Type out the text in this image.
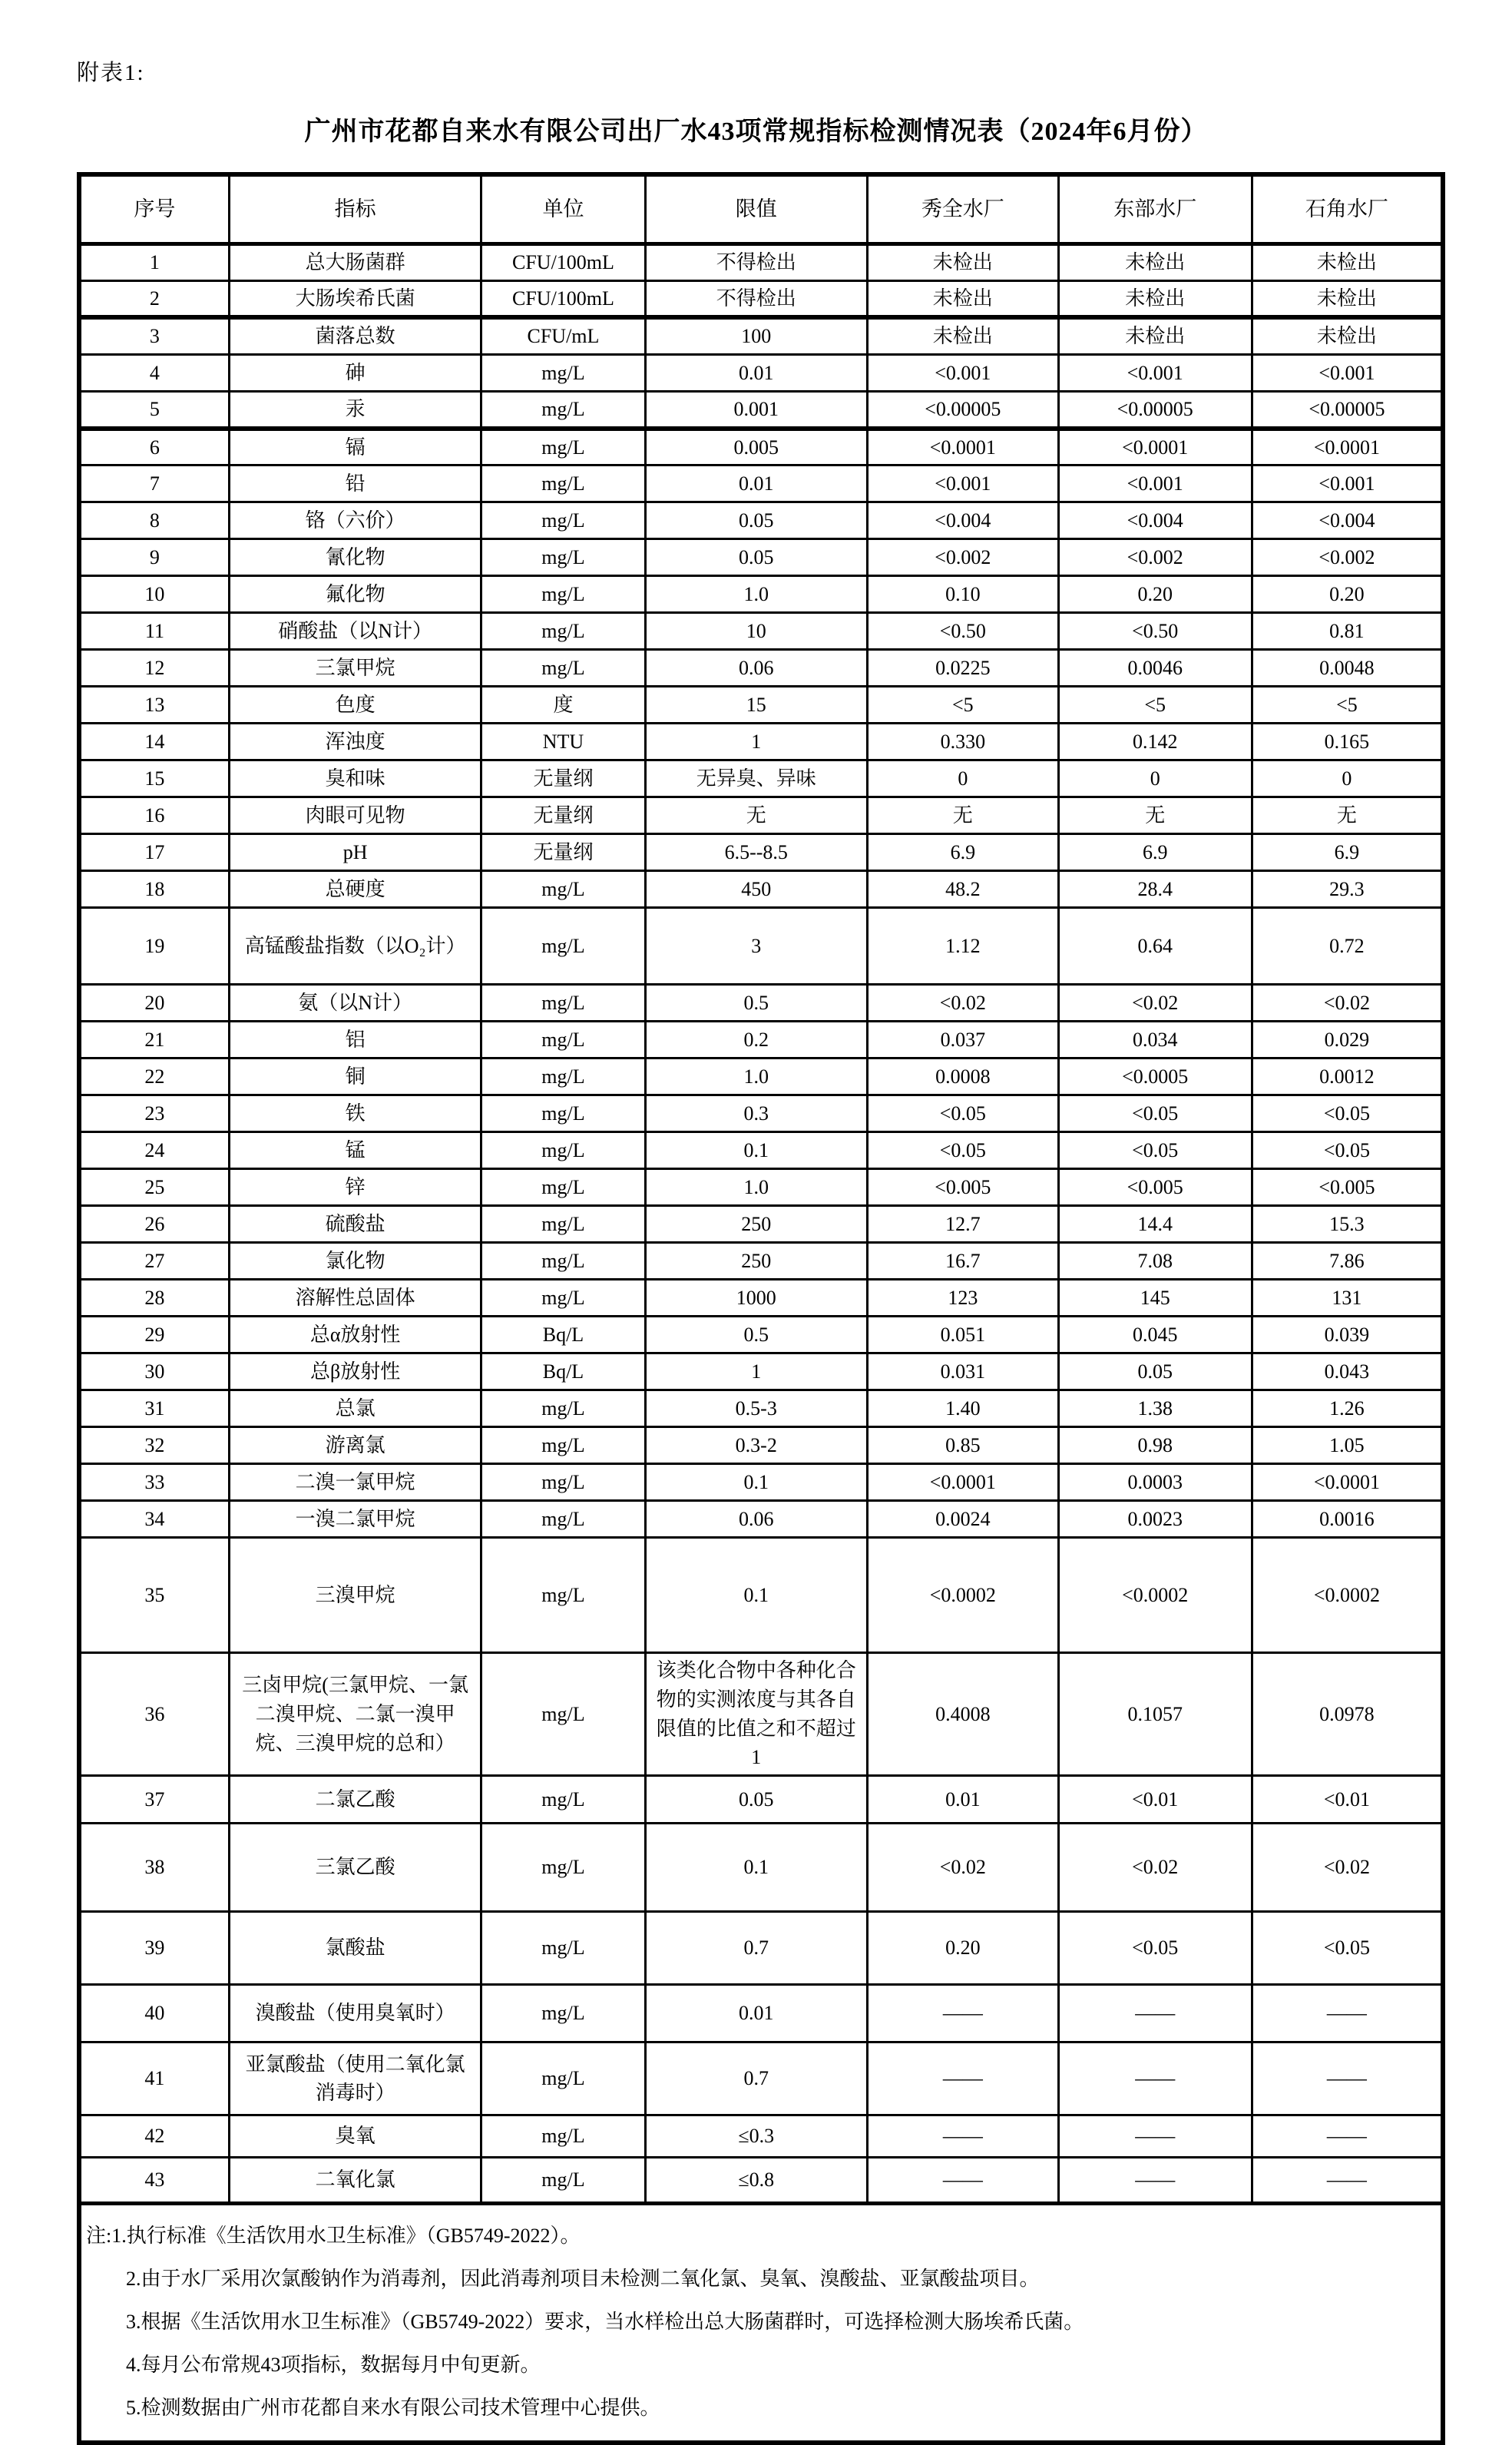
附表1:
广州市花都自来水有限公司出厂水43项常规指标检测情况表（2024年6月份）
序号	指标	单位	限值	秀全水厂	东部水厂	石角水厂
1	总大肠菌群	CFU/100mL	不得检出	未检出	未检出	未检出
2	大肠埃希氏菌	CFU/100mL	不得检出	未检出	未检出	未检出
3	菌落总数	CFU/mL	100	未检出	未检出	未检出
4	砷	mg/L	0.01	<0.001	<0.001	<0.001
5	汞	mg/L	0.001	<0.00005	<0.00005	<0.00005
6	镉	mg/L	0.005	<0.0001	<0.0001	<0.0001
7	铅	mg/L	0.01	<0.001	<0.001	<0.001
8	铬（六价）	mg/L	0.05	<0.004	<0.004	<0.004
9	氰化物	mg/L	0.05	<0.002	<0.002	<0.002
10	氟化物	mg/L	1.0	0.10	0.20	0.20
11	硝酸盐（以N计）	mg/L	10	<0.50	<0.50	0.81
12	三氯甲烷	mg/L	0.06	0.0225	0.0046	0.0048
13	色度	度	15	<5	<5	<5
14	浑浊度	NTU	1	0.330	0.142	0.165
15	臭和味	无量纲	无异臭、异味	0	0	0
16	肉眼可见物	无量纲	无	无	无	无
17	pH	无量纲	6.5--8.5	6.9	6.9	6.9
18	总硬度	mg/L	450	48.2	28.4	29.3
19	高锰酸盐指数（以O₂计）	mg/L	3	1.12	0.64	0.72
20	氨（以N计）	mg/L	0.5	<0.02	<0.02	<0.02
21	铝	mg/L	0.2	0.037	0.034	0.029
22	铜	mg/L	1.0	0.0008	<0.0005	0.0012
23	铁	mg/L	0.3	<0.05	<0.05	<0.05
24	锰	mg/L	0.1	<0.05	<0.05	<0.05
25	锌	mg/L	1.0	<0.005	<0.005	<0.005
26	硫酸盐	mg/L	250	12.7	14.4	15.3
27	氯化物	mg/L	250	16.7	7.08	7.86
28	溶解性总固体	mg/L	1000	123	145	131
29	总α放射性	Bq/L	0.5	0.051	0.045	0.039
30	总β放射性	Bq/L	1	0.031	0.05	0.043
31	总氯	mg/L	0.5-3	1.40	1.38	1.26
32	游离氯	mg/L	0.3-2	0.85	0.98	1.05
33	二溴一氯甲烷	mg/L	0.1	<0.0001	0.0003	<0.0001
34	一溴二氯甲烷	mg/L	0.06	0.0024	0.0023	0.0016
35	三溴甲烷	mg/L	0.1	<0.0002	<0.0002	<0.0002
36	三卤甲烷(三氯甲烷、一氯二溴甲烷、二氯一溴甲烷、三溴甲烷的总和）	mg/L	该类化合物中各种化合物的实测浓度与其各自限值的比值之和不超过1	0.4008	0.1057	0.0978
37	二氯乙酸	mg/L	0.05	0.01	<0.01	<0.01
38	三氯乙酸	mg/L	0.1	<0.02	<0.02	<0.02
39	氯酸盐	mg/L	0.7	0.20	<0.05	<0.05
40	溴酸盐（使用臭氧时）	mg/L	0.01	——	——	——
41	亚氯酸盐（使用二氧化氯消毒时）	mg/L	0.7	——	——	——
42	臭氧	mg/L	≤0.3	——	——	——
43	二氧化氯	mg/L	≤0.8	——	——	——

注:1.执行标准《生活饮用水卫生标准》（GB5749-2022）。

2.由于水厂采用次氯酸钠作为消毒剂，因此消毒剂项目未检测二氧化氯、臭氧、溴酸盐、亚氯酸盐项目。

3.根据《生活饮用水卫生标准》（GB5749-2022）要求，当水样检出总大肠菌群时，可选择检测大肠埃希氏菌。

4.每月公布常规43项指标，数据每月中旬更新。

5.检测数据由广州市花都自来水有限公司技术管理中心提供。						
